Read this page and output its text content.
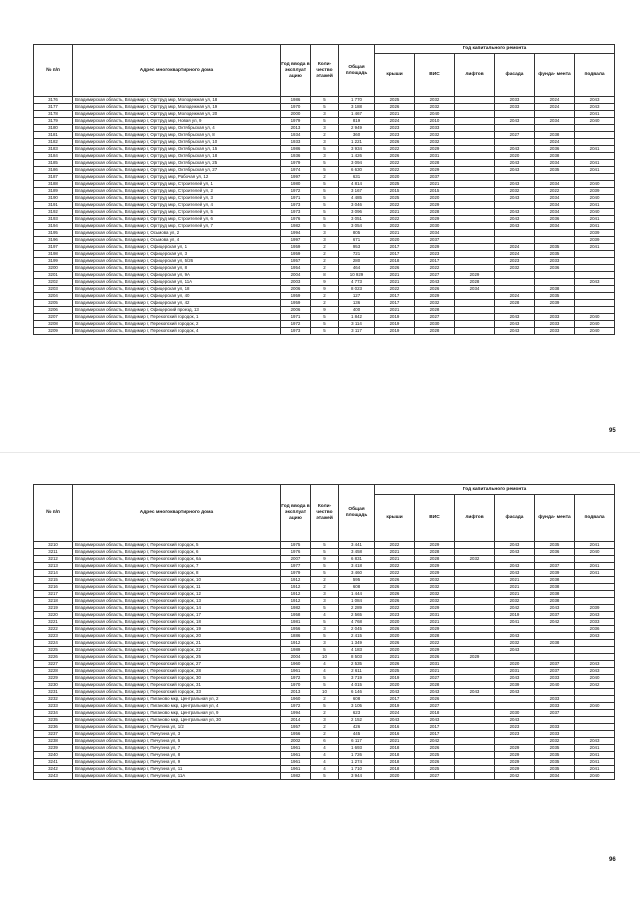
№ п/п	Адрес многоквартирного дома	Год ввода в эксплуат ацию	Коли- чество этажей	Общая площадь	Год капитального ремонта					
					крыши	ВИС	лифтов	фасада	фунда- мента	подвала
3176	Владимирская область, Владимир г, Оргтруд мкр, Молодежная ул, 18	1986	5	1 770	2025	2032		2033	2024	2043
3177	Владимирская область, Владимир г, Оргтруд мкр, Молодежная ул, 19	1970	5	3 188	2026	2032		2033	2024	2043
3178	Владимирская область, Владимир г, Оргтруд мкр, Молодежная ул, 20	2000	3	1 467	2021	2040				2041
3179	Владимирская область, Владимир г, Оргтруд мкр, Новая ул, 9	1979	5	819	2024	2010		2043	2034	2040
3180	Владимирская область, Владимир г, Оргтруд мкр, Октябрьская ул, 4	2013	3	2 949	2023	2033				
3181	Владимирская область, Владимир г, Оргтруд мкр, Октябрьская ул, 8	1934	2	360	2023	2032		2027	2038	
3182	Владимирская область, Владимир г, Оргтруд мкр, Октябрьская ул, 10	1933	3	1 221	2026	2032			2024	
3183	Владимирская область, Владимир г, Оргтруд мкр, Октябрьская ул, 15	1986	5	3 934	2022	2029		2043	2036	2041
3184	Владимирская область, Владимир г, Оргтруд мкр, Октябрьская ул, 18	1936	3	1 426	2026	2031		2020	2038	
3185	Владимирская область, Владимир г, Оргтруд мкр, Октябрьская ул, 25	1979	5	3 094	2022	2028		2043	2034	2041
3186	Владимирская область, Владимир г, Оргтруд мкр, Октябрьская ул, 27	1974	5	6 630	2022	2029		2043	2035	2041
3187	Владимирская область, Владимир г, Оргтруд мкр, Рабочая ул, 12	1997	2	631	2020	2037				
3188	Владимирская область, Владимир г, Оргтруд мкр, Строителей ул, 1	1980	5	4 814	2025	2021		2043	2034	2040
3189	Владимирская область, Владимир г, Оргтруд мкр, Строителей ул, 2	1972	5	3 167	2015	2015		2032	2022	2039
3190	Владимирская область, Владимир г, Оргтруд мкр, Строителей ул, 3	1971	5	4 485	2025	2020		2043	2034	2040
3191	Владимирская область, Владимир г, Оргтруд мкр, Строителей ул, 4	1973	5	3 046	2022	2029			2034	2041
3192	Владимирская область, Владимир г, Оргтруд мкр, Строителей ул, 5	1973	5	3 096	2021	2028		2043	2034	2040
3193	Владимирская область, Владимир г, Оргтруд мкр, Строителей ул, 6	1976	5	3 051	2022	2029		2043	2036	2041
3194	Владимирская область, Владимир г, Оргтруд мкр, Строителей ул, 7	1982	5	3 054	2022	2030		2043	2034	2041
3195	Владимирская область, Владимир г, Осьмова ул, 2	1994	3	805	2021	2034				2039
3196	Владимирская область, Владимир г, Осьмова ул, 4	1997	3	671	2020	2037				2039
3197	Владимирская область, Владимир г, Офицерская ул, 1	1959	2	953	2017	2029		2024	2035	2041
3198	Владимирская область, Владимир г, Офицерская ул, 3	1959	2	721	2017	2023		2024	2035	
3199	Владимирская область, Владимир г, Офицерская ул, 5/26	1957	2	280	2018	2017		2023	2033	
3200	Владимирская область, Владимир г, Офицерская ул, 8	1954	2	464	2026	2022		2032	2036	
3201	Владимирская область, Владимир г, Офицерская ул, 9А	2004	8	10 929	2021	2027	2029			
3202	Владимирская область, Владимир г, Офицерская ул, 11А	2003	9	4 773	2021	2043	2028			2043
3203	Владимирская область, Владимир г, Офицерская ул, 18	2006	9	8 023	2022	2026	2034		2038	
3204	Владимирская область, Владимир г, Офицерская ул, 40	1959	2	127	2017	2029		2024	2035	
3205	Владимирская область, Владимир г, Офицерская ул, 42	1959	2	136	2017	2032		2028	2039	
3206	Владимирская область, Владимир г, Офицерский проезд, 13	2006	9	400	2021	2028				
3207	Владимирская область, Владимир г, Перекопский городок, 1	1971	5	1 842	2019	2027		2043	2033	2040
3208	Владимирская область, Владимир г, Перекопский городок, 2	1972	5	3 114	2019	2030		2043	2033	2040
3209	Владимирская область, Владимир г, Перекопский городок, 4	1973	5	3 117	2019	2028		2043	2033	2040
95
№ п/п	Адрес многоквартирного дома	Год ввода в эксплуат ацию	Коли- чество этажей	Общая площадь	Год капитального ремонта					
					крыши	ВИС	лифтов	фасада	фунда- мента	подвала
3210	Владимирская область, Владимир г, Перекопский городок, 5	1975	5	3 441	2022	2029		2043	2035	2041
3211	Владимирская область, Владимир г, Перекопский городок, 6	1976	5	3 458	2021	2028		2043	2036	2040
3212	Владимирская область, Владимир г, Перекопский городок, 6а	2007	9	6 831	2021	2028	2032			
3213	Владимирская область, Владимир г, Перекопский городок, 7	1977	5	3 418	2022	2029		2043	2037	2041
3214	Владимирская область, Владимир г, Перекопский городок, 8	1979	5	3 460	2022	2029		2043	2039	2041
3215	Владимирская область, Владимир г, Перекопский городок, 10	1912	2	595	2026	2032		2021	2038	
3216	Владимирская область, Владимир г, Перекопский городок, 11	1912	2	608	2026	2032		2021	2038	
3217	Владимирская область, Владимир г, Перекопский городок, 12	1912	3	1 444	2026	2032		2021	2038	
3218	Владимирская область, Владимир г, Перекопский городок, 13	1912	3	1 084	2026	2032		2032	2038	
3219	Владимирская область, Владимир г, Перекопский городок, 14	1982	5	2 289	2022	2029		2042	2043	2039
3220	Владимирская область, Владимир г, Перекопский городок, 17	1958	4	2 565	2023	2031		2019	2037	2043
3221	Владимирская область, Владимир г, Перекопский городок, 18	1981	5	4 768	2020	2021		2041	2042	2033
3222	Владимирская область, Владимир г, Перекопский городок, 19	1956	3	2 045	2026	2029				2036
3223	Владимирская область, Владимир г, Перекопский городок, 20	1886	5	2 415	2020	2028		2043		2043
3224	Владимирская область, Владимир г, Перекопский городок, 21	1912	3	1 349	2026	2022		2032	2038	
3225	Владимирская область, Владимир г, Перекопский городок, 22	1989	5	4 183	2020	2029		2043		
3226	Владимирская область, Владимир г, Перекопский городок, 25	2004	10	8 503	2021	2026	2029			
3227	Владимирская область, Владимир г, Перекопский городок, 27	1960	4	2 535	2026	2031		2020	2037	2043
3228	Владимирская область, Владимир г, Перекопский городок, 28	1961	4	2 611	2025	2021		2031	2037	2043
3229	Владимирская область, Владимир г, Перекопский городок, 30	1972	5	3 719	2019	2027		2043	2033	2040
3230	Владимирская область, Владимир г, Перекопский городок, 31	1970	5	4 015	2020	2028		2039	2040	2042
3231	Владимирская область, Владимир г, Перекопский городок, 33	2013	10	6 146	2043	2043	2043	2043		
3232	Владимирская область, Владимир г, Пиганово мкр, Центральная ул, 2	1960	2	608	2017	2026			2033	
3233	Владимирская область, Владимир г, Пиганово мкр, Центральная ул, 4	1972	5	3 105	2019	2027			2033	2040
3234	Владимирская область, Владимир г, Пиганово мкр, Центральная ул, 9	1994	2	623	2024	2018		2030	2037	
3235	Владимирская область, Владимир г, Пиганово мкр, Центральная ул, 30	2014	3	2 152	2043	2043		2043		
3236	Владимирская область, Владимир г, Пичугина ул, 1/2	1957	2	426	2016	2017		2023	2033	
3237	Владимирская область, Владимир г, Пичугина ул, 3	1956	2	445	2016	2017		2023	2033	
3238	Владимирская область, Владимир г, Пичугина ул, 5	2002	6	6 117	2021	2042			2032	2043
3239	Владимирская область, Владимир г, Пичугина ул, 7	1961	4	1 693	2018	2026		2029	2035	2041
3240	Владимирская область, Владимир г, Пичугина ул, 8	1961	4	1 726	2018	2025		2029	2035	2041
3241	Владимирская область, Владимир г, Пичугина ул, 9	1961	4	1 274	2018	2026		2029	2035	2041
3242	Владимирская область, Владимир г, Пичугина ул, 11	1961	4	1 710	2018	2025		2029	2035	2041
3243	Владимирская область, Владимир г, Пичугина ул, 11А	1982	5	3 944	2020	2027		2042	2034	2040
96
